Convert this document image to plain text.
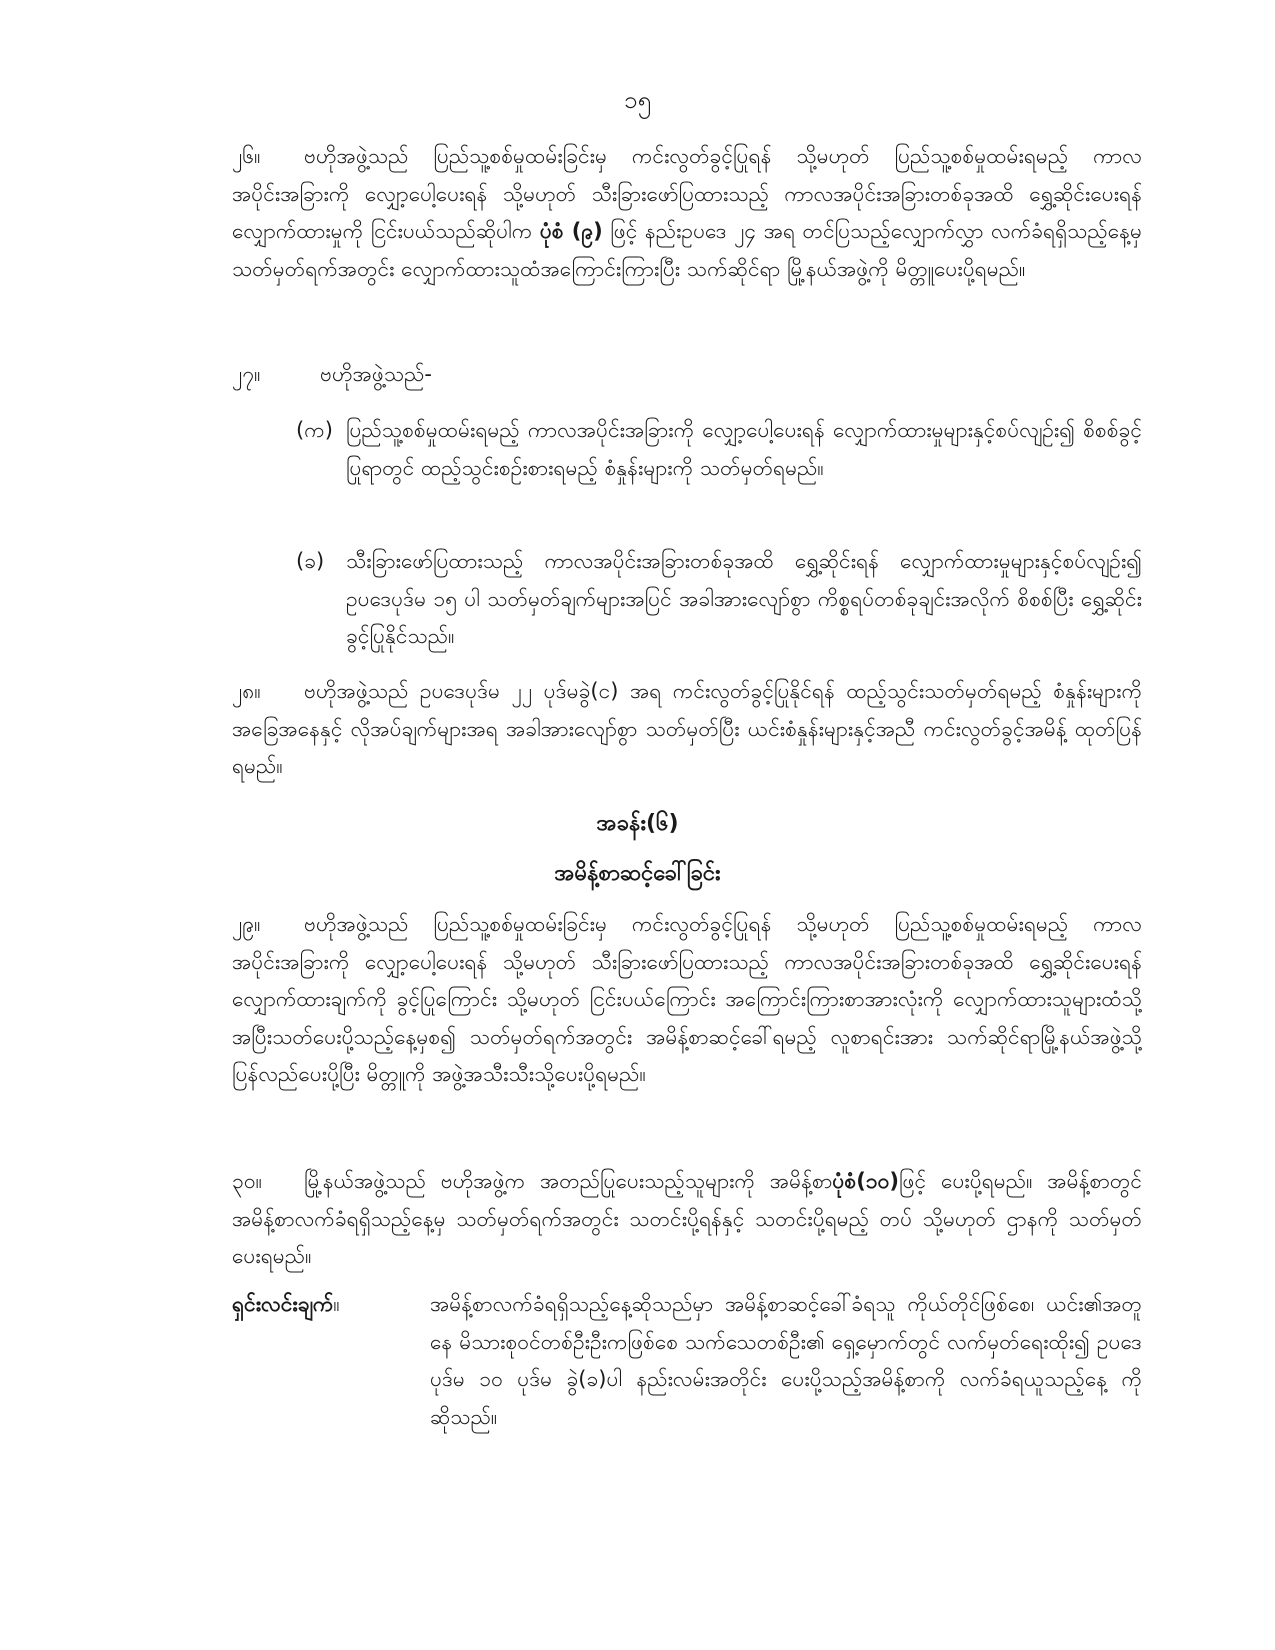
၁၅

၂၆။ ဗဟိုအဖွဲ့သည် ပြည်သူ့စစ်မှုထမ်းခြင်းမှ ကင်းလွတ်ခွင့်ပြုရန် သို့မဟုတ် ပြည်သူ့စစ်မှုထမ်းရမည့် ကာလအပိုင်းအခြားကို လျှော့ပေါ့ပေးရန် သို့မဟုတ် သီးခြားဖော်ပြထားသည့် ကာလအပိုင်းအခြားတစ်ခုအထိ ရွှေ့ဆိုင်းပေးရန် လျှောက်ထားမှုကို ငြင်းပယ်သည်ဆိုပါက ပုံစံ (၉) ဖြင့် နည်းဥပဒေ ၂၄ အရ တင်ပြသည့်လျှောက်လွှာ လက်ခံရရှိသည့်နေ့မှ သတ်မှတ်ရက်အတွင်း လျှောက်ထားသူထံအကြောင်းကြားပြီး သက်ဆိုင်ရာ မြို့နယ်အဖွဲ့ကို မိတ္တူပေးပို့ရမည်။

၂၇။	ဗဟိုအဖွဲ့သည်-

(က) ပြည်သူ့စစ်မှုထမ်းရမည့် ကာလအပိုင်းအခြားကို လျှော့ပေါ့ပေးရန် လျှောက်ထားမှုများနှင့်စပ်လျဉ်း၍ စိစစ်ခွင့်ပြုရာတွင် ထည့်သွင်းစဉ်းစားရမည့် စံနှုန်းများကို သတ်မှတ်ရမည်။

(ခ) သီးခြားဖော်ပြထားသည့် ကာလအပိုင်းအခြားတစ်ခုအထိ ရွှေ့ဆိုင်းရန် လျှောက်ထားမှုများနှင့်စပ်လျဉ်း၍ ဥပဒေပုဒ်မ ၁၅ ပါ သတ်မှတ်ချက်များအပြင် အခါအားလျော်စွာ ကိစ္စရပ်တစ်ခုချင်းအလိုက် စိစစ်ပြီး ရွှေ့ဆိုင်းခွင့်ပြုနိုင်သည်။

၂၈။ ဗဟိုအဖွဲ့သည် ဥပဒေပုဒ်မ ၂၂ ပုဒ်မခွဲ(င) အရ ကင်းလွတ်ခွင့်ပြုနိုင်ရန် ထည့်သွင်းသတ်မှတ်ရမည့် စံနှုန်းများကို အခြေအနေနှင့် လိုအပ်ချက်များအရ အခါအားလျော်စွာ သတ်မှတ်ပြီး ယင်းစံနှုန်းများနှင့်အညီ ကင်းလွတ်ခွင့်အမိန့် ထုတ်ပြန်ရမည်။

အခန်း(၆)
အမိန့်စာဆင့်ခေါ်ခြင်း

၂၉။ ဗဟိုအဖွဲ့သည် ပြည်သူ့စစ်မှုထမ်းခြင်းမှ ကင်းလွတ်ခွင့်ပြုရန် သို့မဟုတ် ပြည်သူ့စစ်မှုထမ်းရမည့် ကာလအပိုင်းအခြားကို လျှော့ပေါ့ပေးရန် သို့မဟုတ် သီးခြားဖော်ပြထားသည့် ကာလအပိုင်းအခြားတစ်ခုအထိ ရွှေ့ဆိုင်းပေးရန် လျှောက်ထားချက်ကို ခွင့်ပြုကြောင်း သို့မဟုတ် ငြင်းပယ်ကြောင်း အကြောင်းကြားစာအားလုံးကို လျှောက်ထားသူများထံသို့ အပြီးသတ်ပေးပို့သည့်နေ့မှစ၍ သတ်မှတ်ရက်အတွင်း အမိန့်စာဆင့်ခေါ်ရမည့် လူစာရင်းအား သက်ဆိုင်ရာမြို့နယ်အဖွဲ့သို့ ပြန်လည်ပေးပို့ပြီး မိတ္တူကို အဖွဲ့အသီးသီးသို့ပေးပို့ရမည်။

၃၀။ မြို့နယ်အဖွဲ့သည် ဗဟိုအဖွဲ့က အတည်ပြုပေးသည့်သူများကို အမိန့်စာပုံစံ(၁၀)ဖြင့် ပေးပို့ရမည်။ အမိန့်စာတွင် အမိန့်စာလက်ခံရရှိသည့်နေ့မှ သတ်မှတ်ရက်အတွင်း သတင်းပို့ရန်နှင့် သတင်းပို့ရမည့် တပ် သို့မဟုတ် ဌာနကို သတ်မှတ်ပေးရမည်။

ရှင်းလင်းချက်။	အမိန့်စာလက်ခံရရှိသည့်နေ့ဆိုသည်မှာ အမိန့်စာဆင့်ခေါ်ခံရသူ ကိုယ်တိုင်ဖြစ်စေ၊ ယင်း၏အတူနေ မိသားစုဝင်တစ်ဦးဦးကဖြစ်စေ သက်သေတစ်ဦး၏ ရှေ့မှောက်တွင် လက်မှတ်ရေးထိုး၍ ဥပဒေပုဒ်မ ၁၀ ပုဒ်မ ခွဲ(ခ)ပါ နည်းလမ်းအတိုင်း ပေးပို့သည့်အမိန့်စာကို လက်ခံရယူသည့်နေ့ ကိုဆိုသည်။
